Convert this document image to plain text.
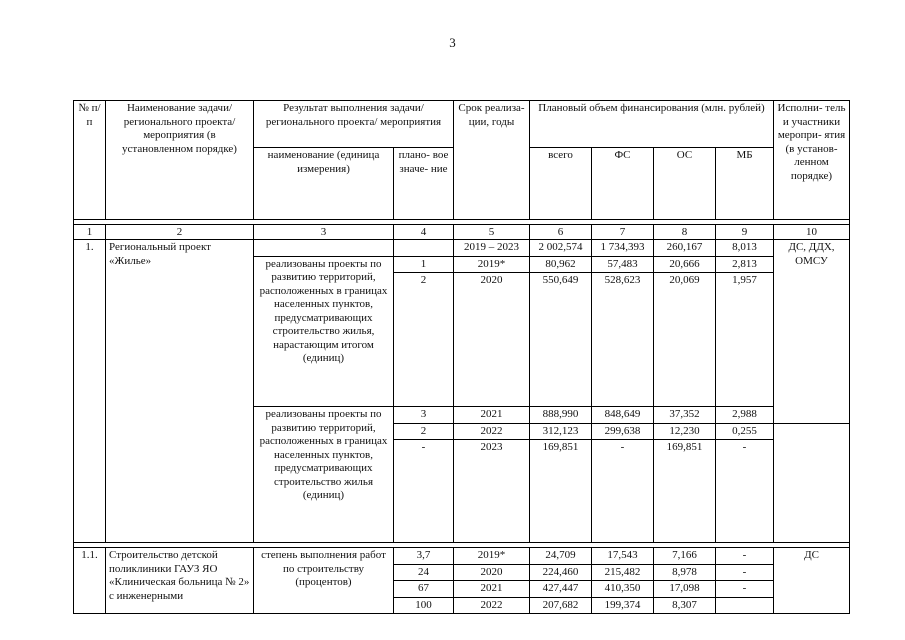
3
№ п/п	Наименование задачи/ регионального проекта/ мероприятия (в установленном порядке)	Результат выполнения задачи/ регионального проекта/ мероприятия		Срок реализа- ции, годы	Плановый объем финансирования (млн. рублей)				Исполни- тель и участники меропри- ятия (в установ- ленном порядке)
		наименование (единица измерения)	плано- вое значе- ние		всего	ФС	ОС	МБ	

1	2	3	4	5	6	7	8	9	10
1.	Региональный проект «Жилье»			2019 – 2023	2 002,574	1 734,393	260,167	8,013	ДС, ДДХ, ОМСУ
		реализованы проекты по развитию территорий, расположенных в границах населенных пунктов, предусматривающих строительство жилья, нарастающим итогом (единиц)	1	2019*	80,962	57,483	20,666	2,813	
			2	2020	550,649	528,623	20,069	1,957	
		реализованы проекты по развитию территорий, расположенных в границах населенных пунктов, предусматривающих строительство жилья (единиц)	3	2021	888,990	848,649	37,352	2,988	
			2	2022	312,123	299,638	12,230	0,255	
			-	2023	169,851	-	169,851	-	

1.1.	Строительство детской поликлиники ГАУЗ ЯО «Клиническая больница № 2» с инженерными	степень выполнения работ по строительству (процентов)	3,7	2019*	24,709	17,543	7,166	-	ДС
			24	2020	224,460	215,482	8,978	-	
			67	2021	427,447	410,350	17,098	-	
			100	2022	207,682	199,374	8,307		
